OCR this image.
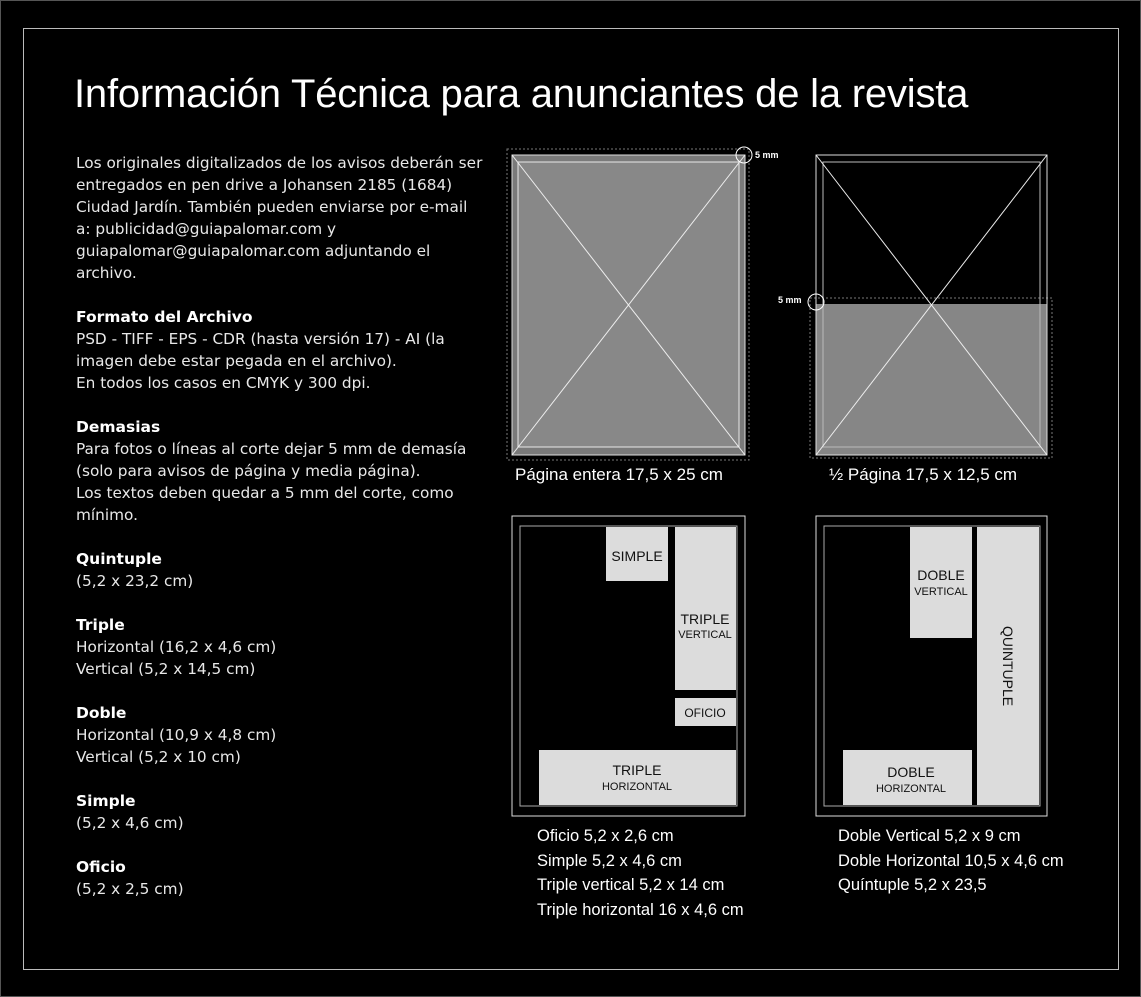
Información Técnica para anunciantes de la revista

Los originales digitalizados de los avisos deberán ser entregados en pen drive a Johansen 2185 (1684) Ciudad Jardín. También pueden enviarse por e-mail a: publicidad@guiapalomar.com y guiapalomar@guiapalomar.com adjuntando el archivo.

Formato del Archivo

PSD - TIFF - EPS - CDR (hasta versión 17) - AI (la imagen debe estar pegada en el archivo).

En todos los casos en CMYK y 300 dpi.

Demasias

Para fotos o líneas al corte dejar 5 mm de demasía (solo para avisos de página y media página).

Los textos deben quedar a 5 mm del corte, como mínimo.

Quintuple

(5,2 x 23,2 cm)

Triple

Horizontal (16,2 x 4,6 cm)

Vertical (5,2 x 14,5 cm)

Doble

Horizontal (10,9 x 4,8 cm)

Vertical (5,2 x 10 cm)

Simple

(5,2 x 4,6 cm)

Oficio

(5,2 x 2,5 cm)

5 mm
5 mm
SIMPLE
TRIPLE
VERTICAL
OFICIO
TRIPLE
HORIZONTAL
DOBLE
VERTICAL
QUINTUPLE
DOBLE
HORIZONTAL
Página entera 17,5 x 25 cm	½ Página 17,5 x 12,5 cm
Oficio 5,2 x 2,6 cm
Simple 5,2 x 4,6 cm
Triple vertical 5,2 x 14 cm
Triple horizontal 16 x 4,6 cm
Doble Vertical 5,2 x 9 cm
Doble Horizontal 10,5 x 4,6 cm
Quíntuple 5,2 x 23,5
